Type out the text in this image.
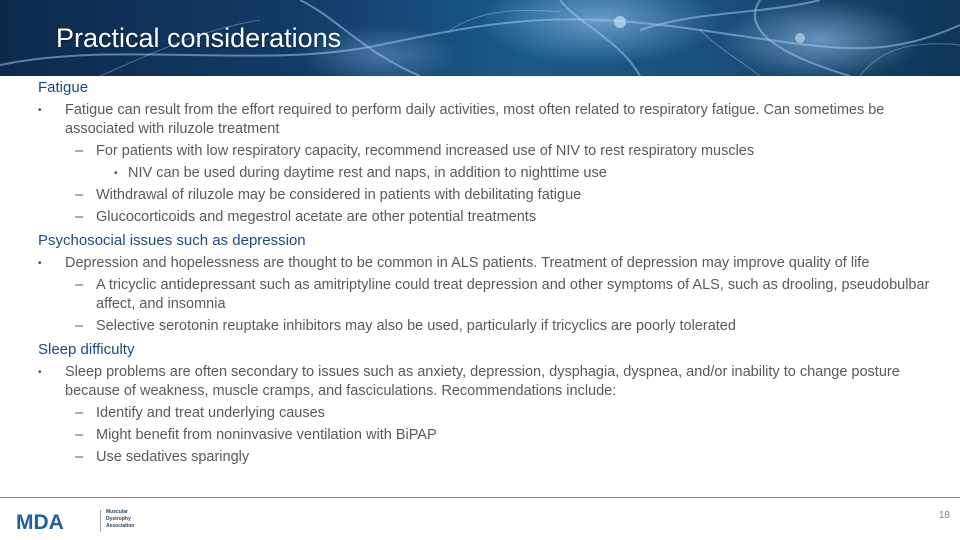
Practical considerations
Fatigue
• Fatigue can result from the effort required to perform daily activities, most often related to respiratory fatigue. Can sometimes be associated with riluzole treatment
– For patients with low respiratory capacity, recommend increased use of NIV to rest respiratory muscles
• NIV can be used during daytime rest and naps, in addition to nighttime use
– Withdrawal of riluzole may be considered in patients with debilitating fatigue
– Glucocorticoids and megestrol acetate are other potential treatments
Psychosocial issues such as depression
• Depression and hopelessness are thought to be common in ALS patients. Treatment of depression may improve quality of life
– A tricyclic antidepressant such as amitriptyline could treat depression and other symptoms of ALS, such as drooling, pseudobulbar affect, and insomnia
– Selective serotonin reuptake inhibitors may also be used, particularly if tricyclics are poorly tolerated
Sleep difficulty
• Sleep problems are often secondary to issues such as anxiety, depression, dysphagia, dyspnea, and/or inability to change posture because of weakness, muscle cramps, and fasciculations. Recommendations include:
– Identify and treat underlying causes
– Might benefit from noninvasive ventilation with BiPAP
– Use sedatives sparingly
MDA	Muscular
Dystrophy
Association
18
